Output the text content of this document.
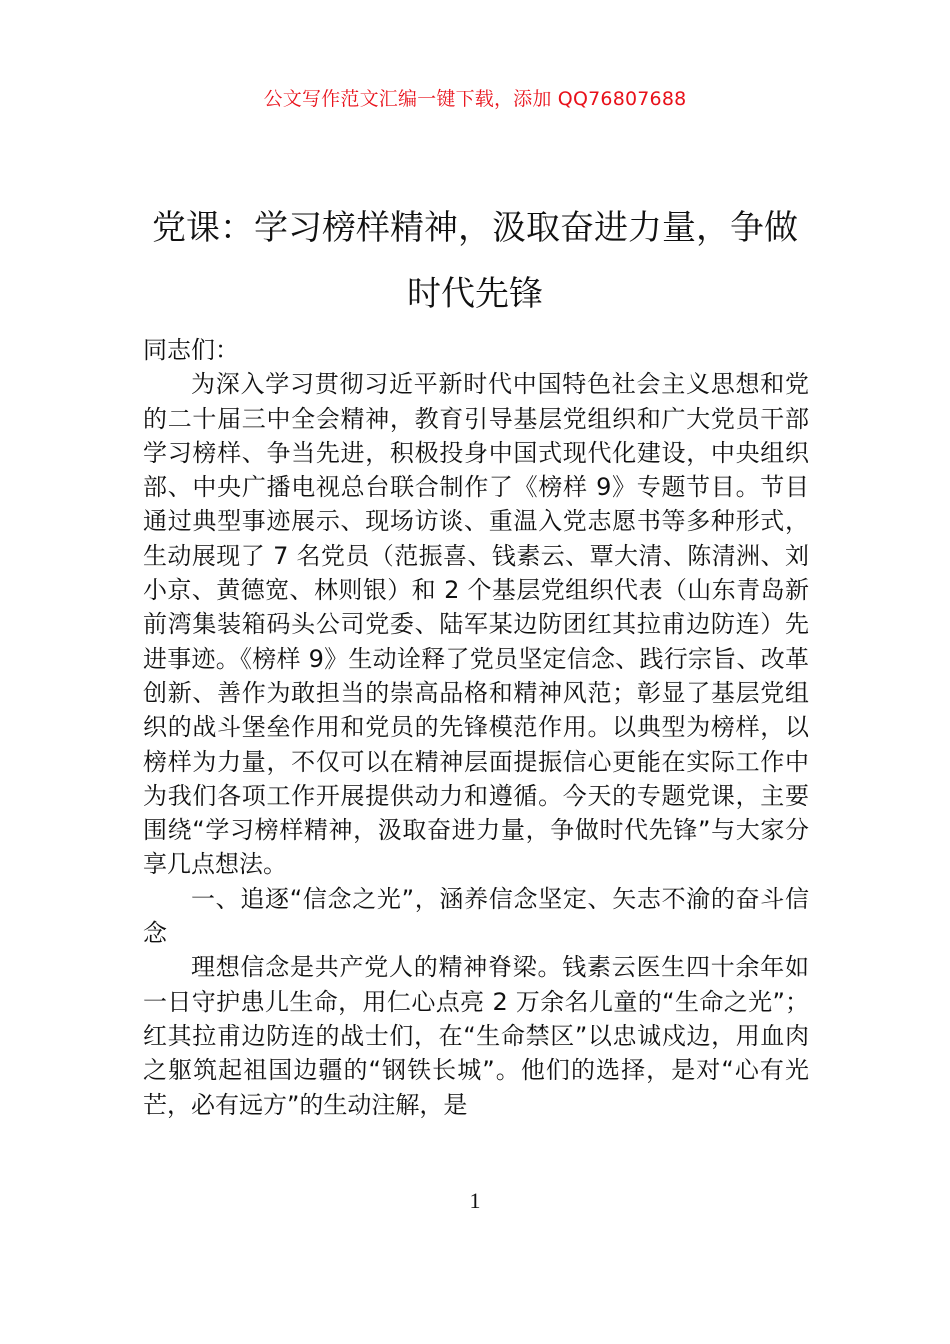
公文写作范文汇编一键下载，添加 QQ76807688
党课：学习榜样精神，汲取奋进力量，争做时代先锋

同志们：

为深入学习贯彻习近平新时代中国特色社会主义思想和党的二十届三中全会精神，教育引导基层党组织和广大党员干部学习榜样、争当先进，积极投身中国式现代化建设，中央组织部、中央广播电视总台联合制作了《榜样 9》专题节目。节目通过典型事迹展示、现场访谈、重温入党志愿书等多种形式，生动展现了 7 名党员（范振喜、钱素云、覃大清、陈清洲、刘小京、黄德宽、林则银）和 2 个基层党组织代表（山东青岛新前湾集装箱码头公司党委、陆军某边防团红其拉甫边防连）先进事迹。《榜样 9》生动诠释了党员坚定信念、践行宗旨、改革创新、善作为敢担当的崇高品格和精神风范；彰显了基层党组织的战斗堡垒作用和党员的先锋模范作用。以典型为榜样，以榜样为力量，不仅可以在精神层面提振信心更能在实际工作中为我们各项工作开展提供动力和遵循。今天的专题党课，主要围绕“学习榜样精神，汲取奋进力量，争做时代先锋”与大家分享几点想法。

一、追逐“信念之光”，涵养信念坚定、矢志不渝的奋斗信念

理想信念是共产党人的精神脊梁。钱素云医生四十余年如一日守护患儿生命，用仁心点亮 2 万余名儿童的“生命之光”；红其拉甫边防连的战士们，在“生命禁区”以忠诚戍边，用血肉之躯筑起祖国边疆的“钢铁长城”。他们的选择，是对“心有光芒，必有远方”的生动注解，是

1
